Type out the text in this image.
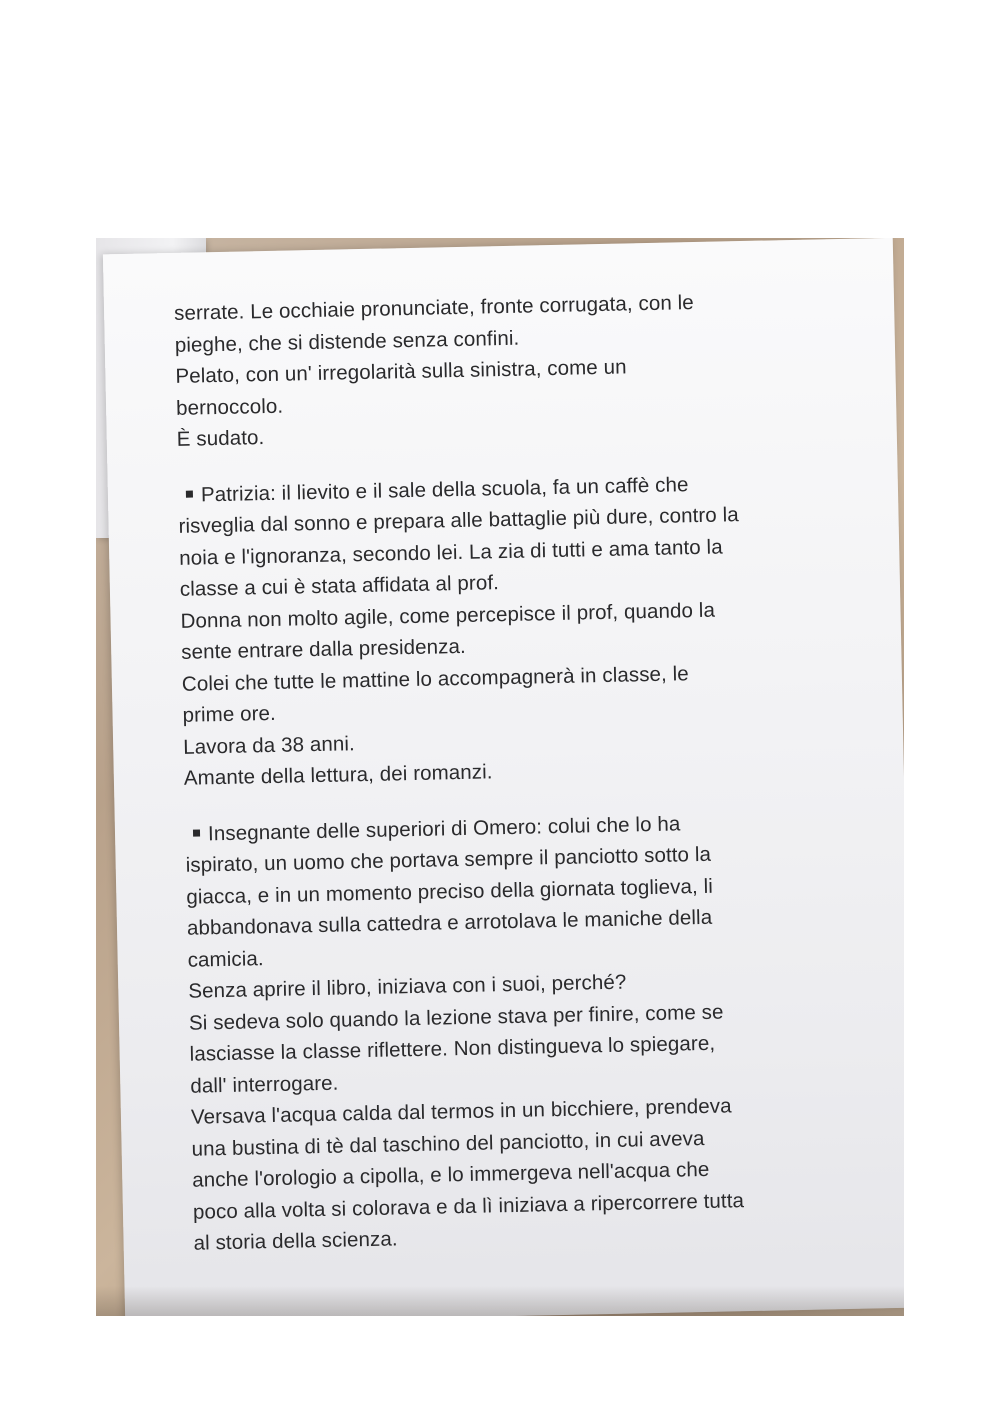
serrate. Le occhiaie pronunciate, fronte corrugata, con le
pieghe, che si distende senza confini.
Pelato, con un' irregolarità sulla sinistra, come un
bernoccolo.
È sudato.
Patrizia: il lievito e il sale della scuola, fa un caffè che
risveglia dal sonno e prepara alle battaglie più dure, contro la
noia e l'ignoranza, secondo lei. La zia di tutti e ama tanto la
classe a cui è stata affidata al prof.
Donna non molto agile, come percepisce il prof, quando la
sente entrare dalla presidenza.
Colei che tutte le mattine lo accompagnerà in classe, le
prime ore.
Lavora da 38 anni.
Amante della lettura, dei romanzi.
Insegnante delle superiori di Omero: colui che lo ha
ispirato, un uomo che portava sempre il panciotto sotto la
giacca, e in un momento preciso della giornata toglieva, li
abbandonava sulla cattedra e arrotolava le maniche della
camicia.
Senza aprire il libro, iniziava con i suoi, perché?
Si sedeva solo quando la lezione stava per finire, come se
lasciasse la classe riflettere. Non distingueva lo spiegare,
dall' interrogare.
Versava l'acqua calda dal termos in un bicchiere, prendeva
una bustina di tè dal taschino del panciotto, in cui aveva
anche l'orologio a cipolla, e lo immergeva nell'acqua che
poco alla volta si colorava e da lì iniziava a ripercorrere tutta
al storia della scienza.
